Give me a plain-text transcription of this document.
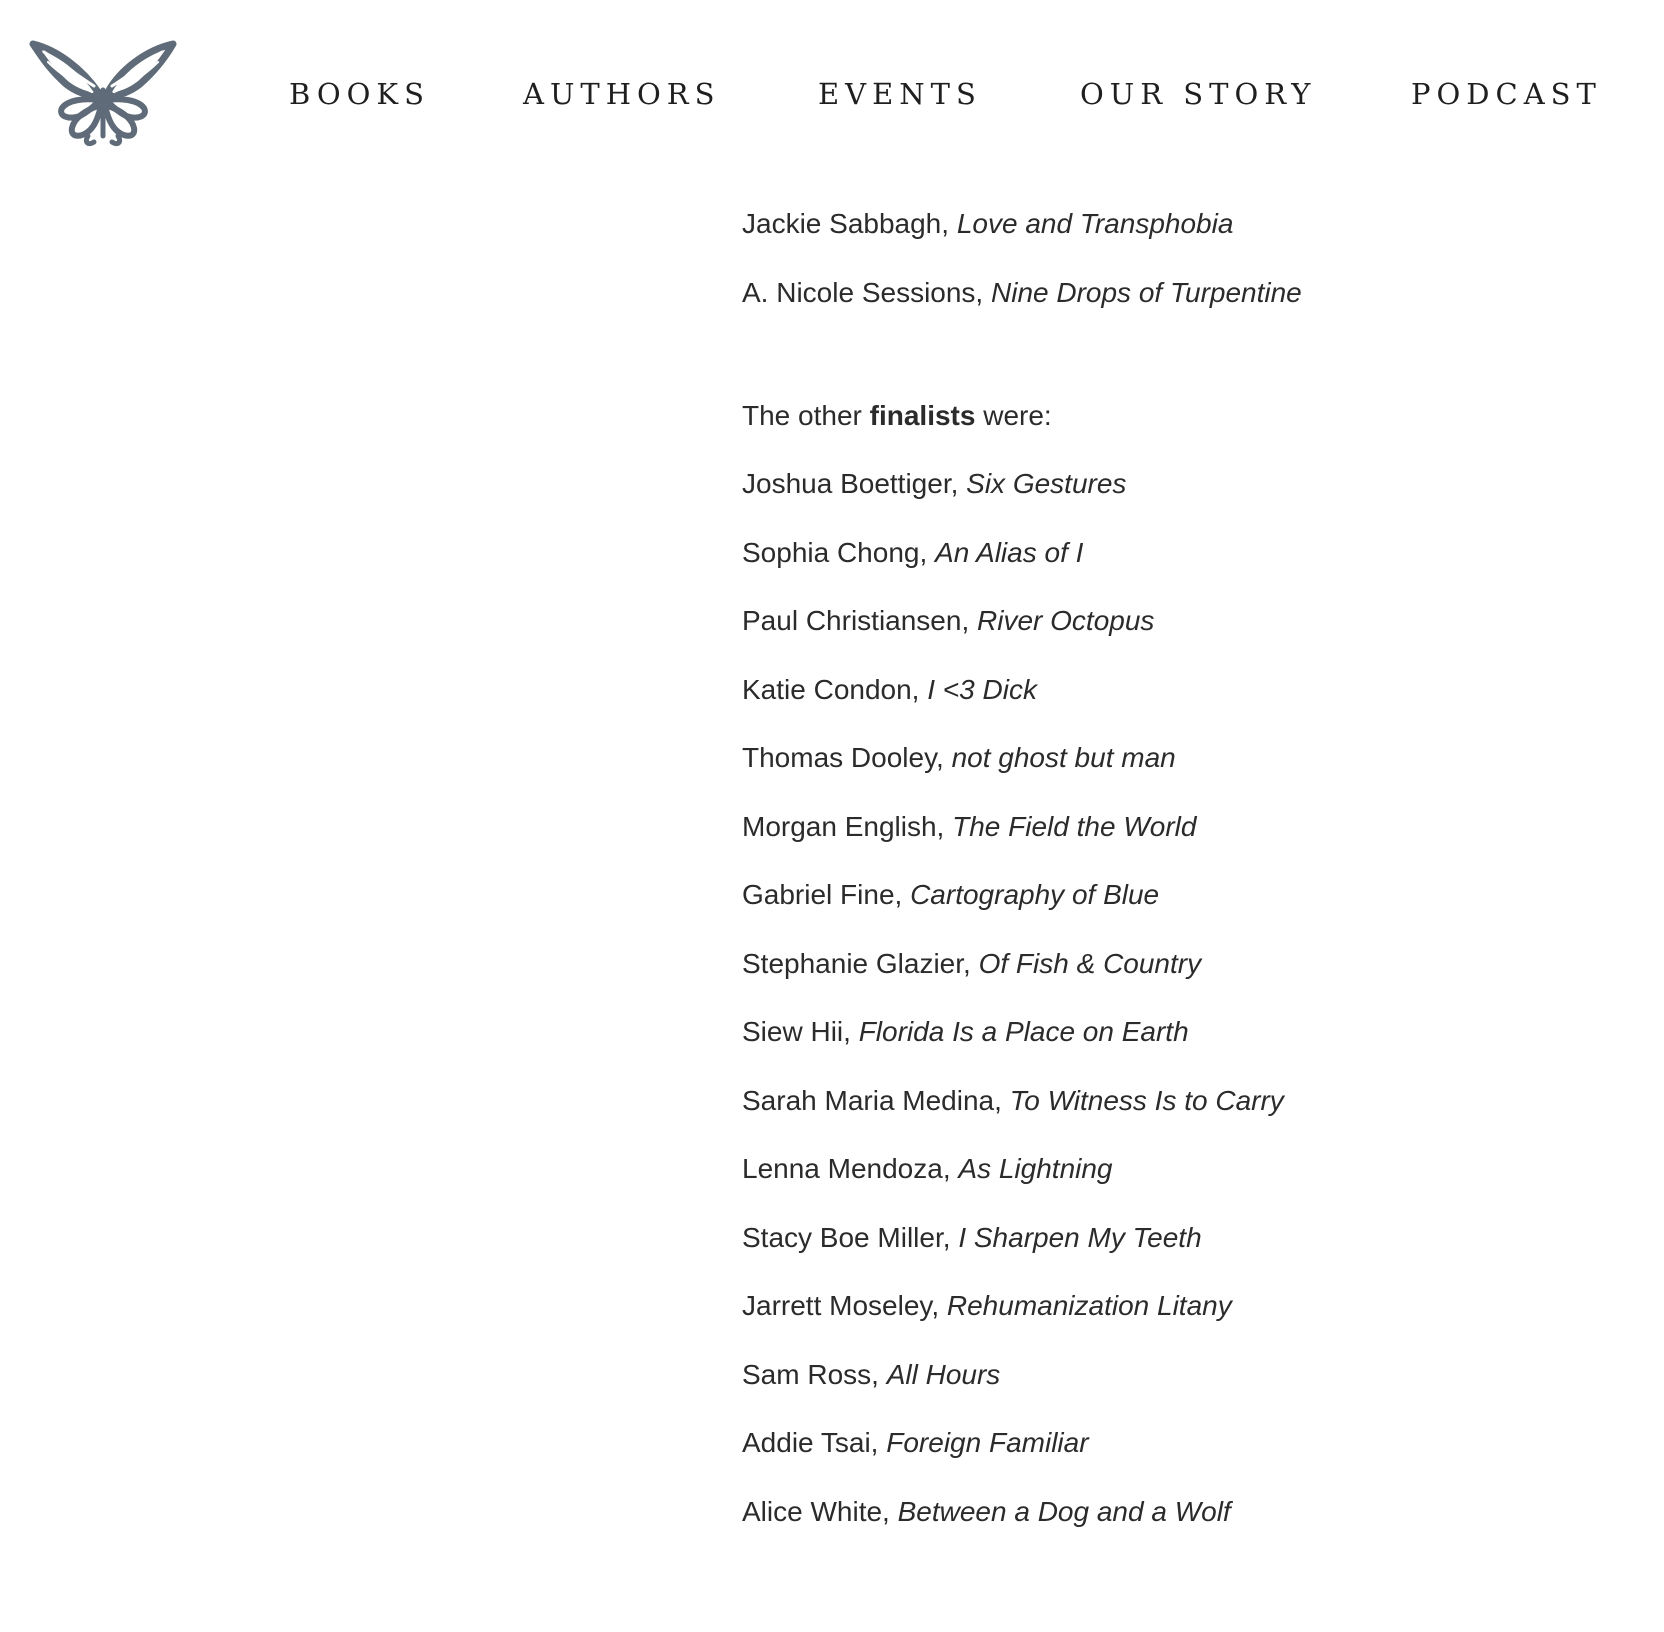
BOOKS	AUTHORS	EVENTS	OUR STORY	PODCAST
Jackie Sabbagh, Love and Transphobia
A. Nicole Sessions, Nine Drops of Turpentine
The other finalists were:
Joshua Boettiger, Six Gestures
Sophia Chong, An Alias of I
Paul Christiansen, River Octopus
Katie Condon, I <3 Dick
Thomas Dooley, not ghost but man
Morgan English, The Field the World
Gabriel Fine, Cartography of Blue
Stephanie Glazier, Of Fish & Country
Siew Hii, Florida Is a Place on Earth
Sarah Maria Medina, To Witness Is to Carry
Lenna Mendoza, As Lightning
Stacy Boe Miller, I Sharpen My Teeth
Jarrett Moseley, Rehumanization Litany
Sam Ross, All Hours
Addie Tsai, Foreign Familiar
Alice White, Between a Dog and a Wolf
